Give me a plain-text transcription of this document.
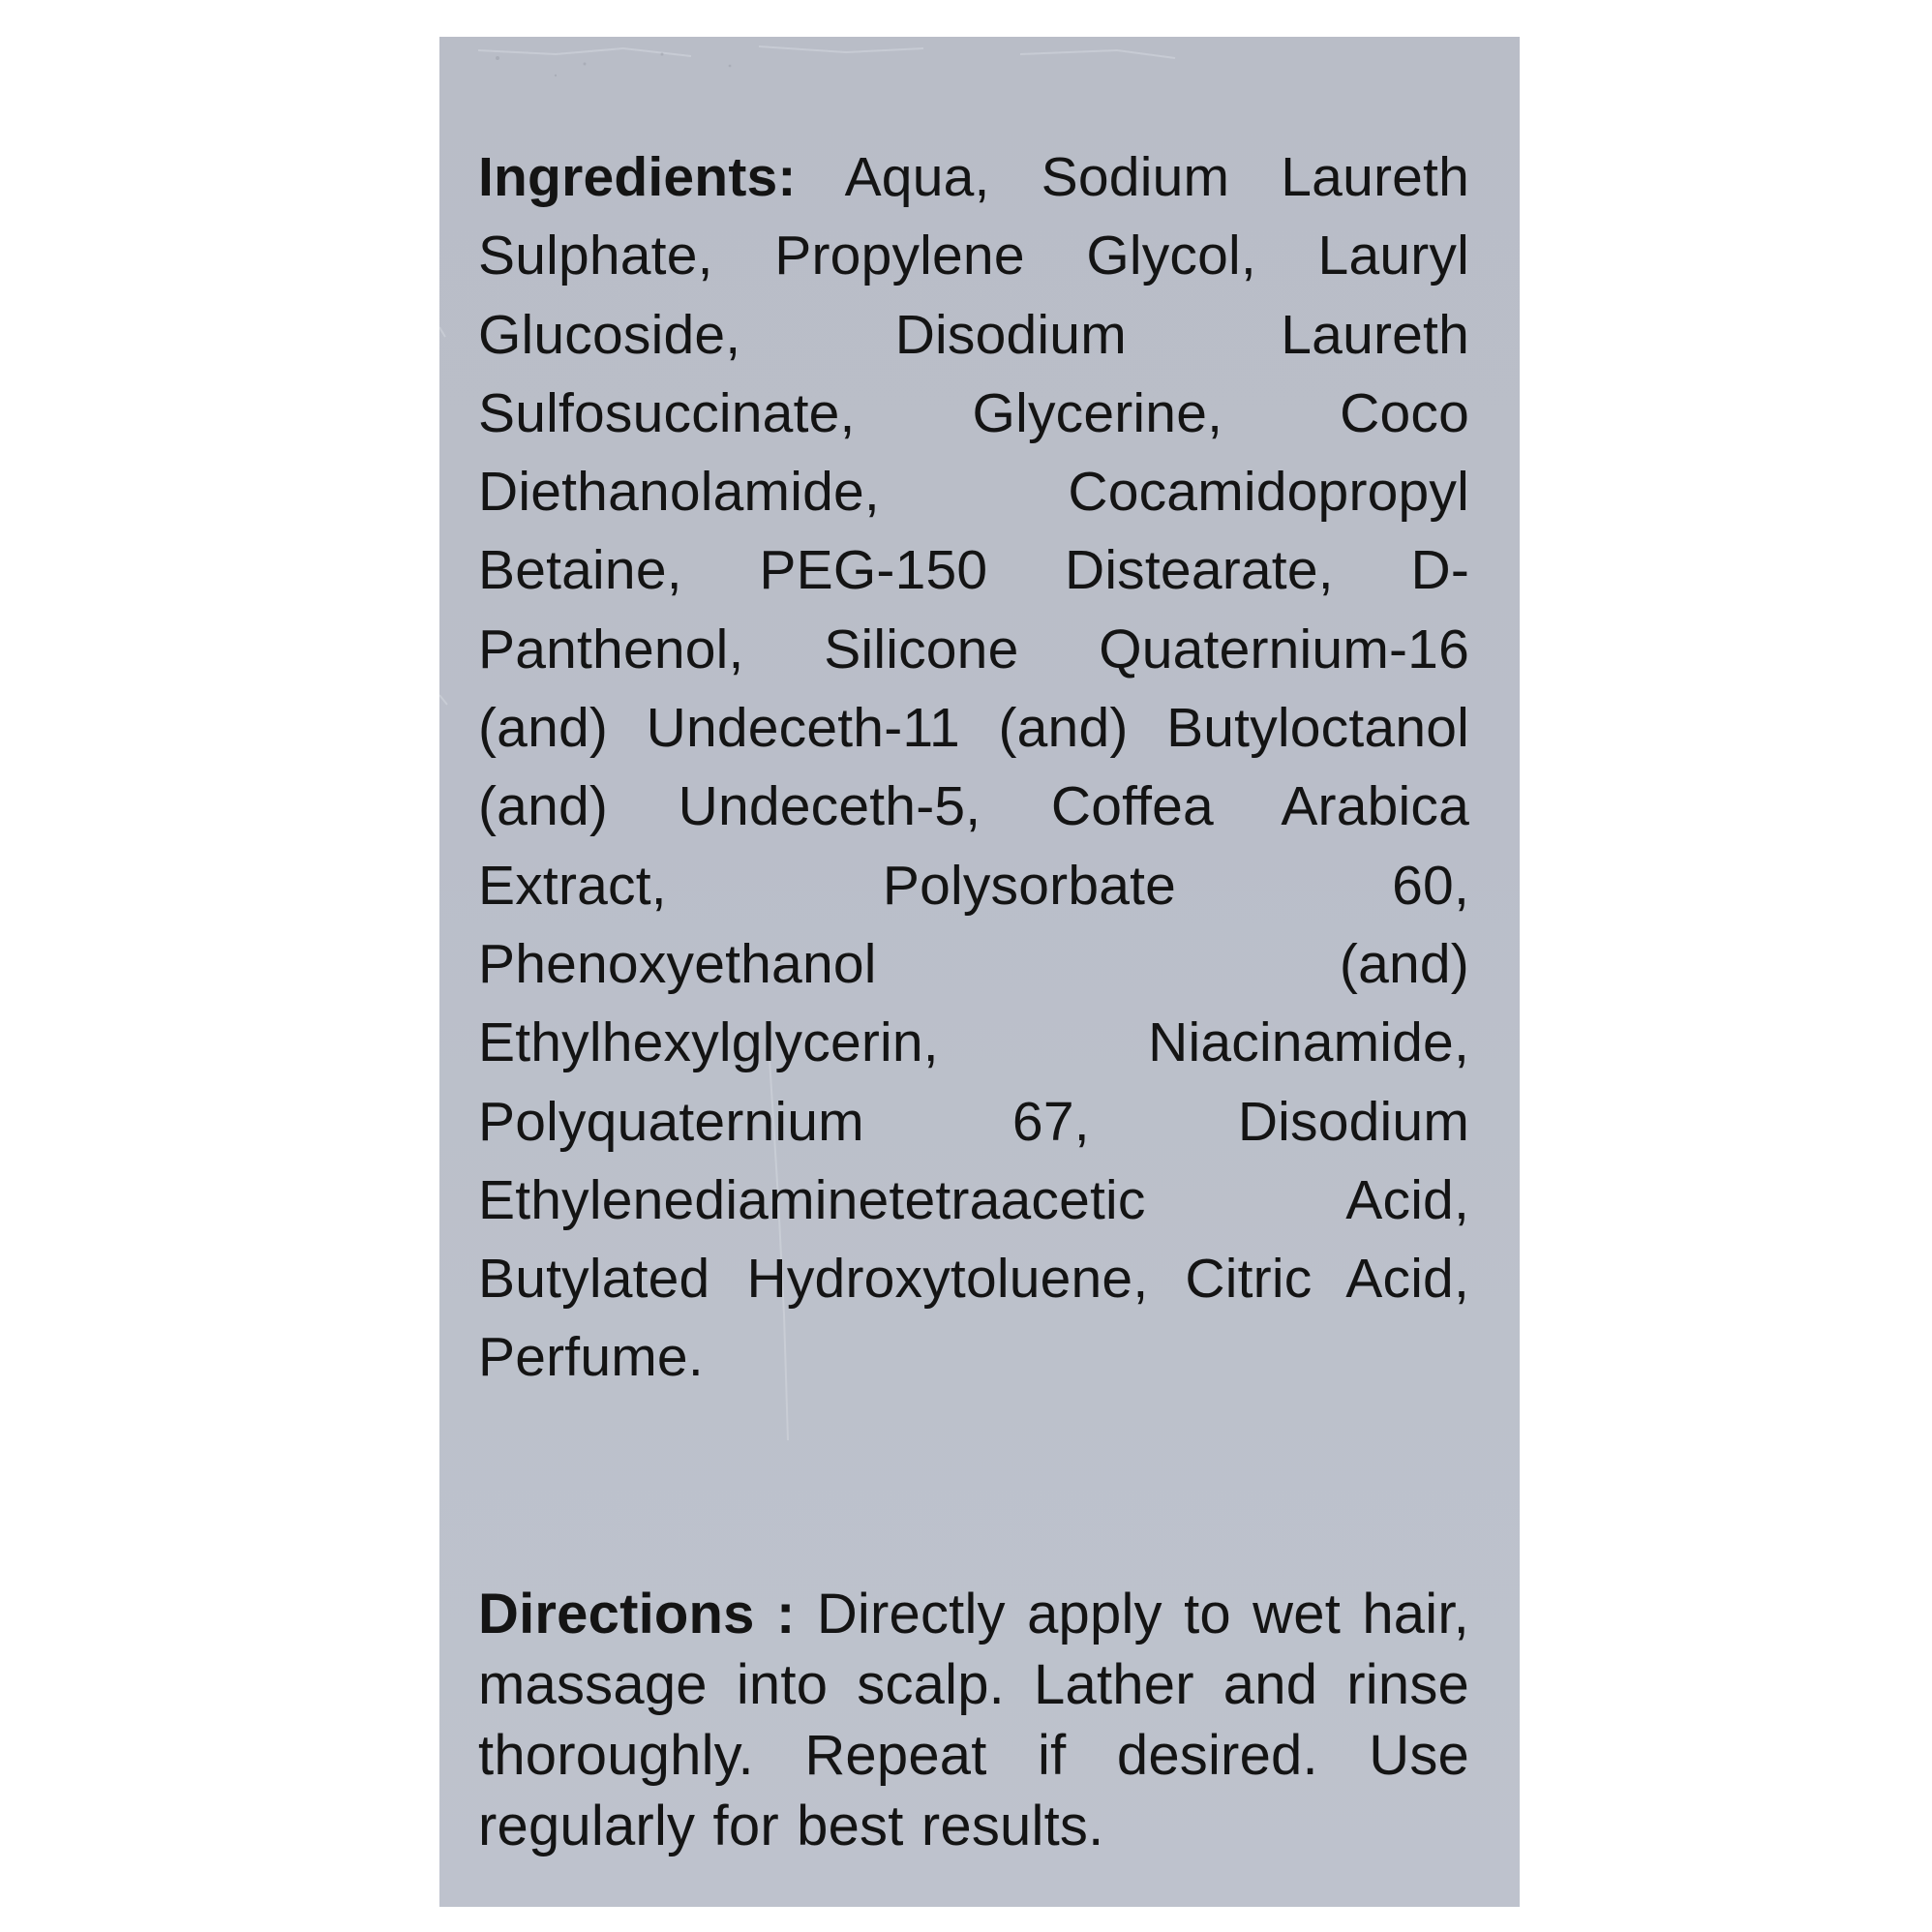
Ingredients: Aqua, Sodium Laureth Sulphate, Propylene Glycol, Lauryl Glucoside, Disodium Laureth Sulfosuccinate, Glycerine, Coco Diethanolamide, Cocamidopropyl Betaine, PEG-150 Distearate, D-Panthenol, Silicone Quaternium-16 (and) Undeceth-11 (and) Butyloctanol (and) Undeceth-5, Coffea Arabica Extract, Polysorbate 60, Phenoxyethanol (and) Ethylhexylglycerin, Niacinamide, Polyquaternium 67, Disodium Ethylenediaminetetraacetic Acid, Butylated Hydroxytoluene, Citric Acid, Perfume.

Directions : Directly apply to wet hair, massage into scalp. Lather and rinse thoroughly. Repeat if desired. Use regularly for best results.
